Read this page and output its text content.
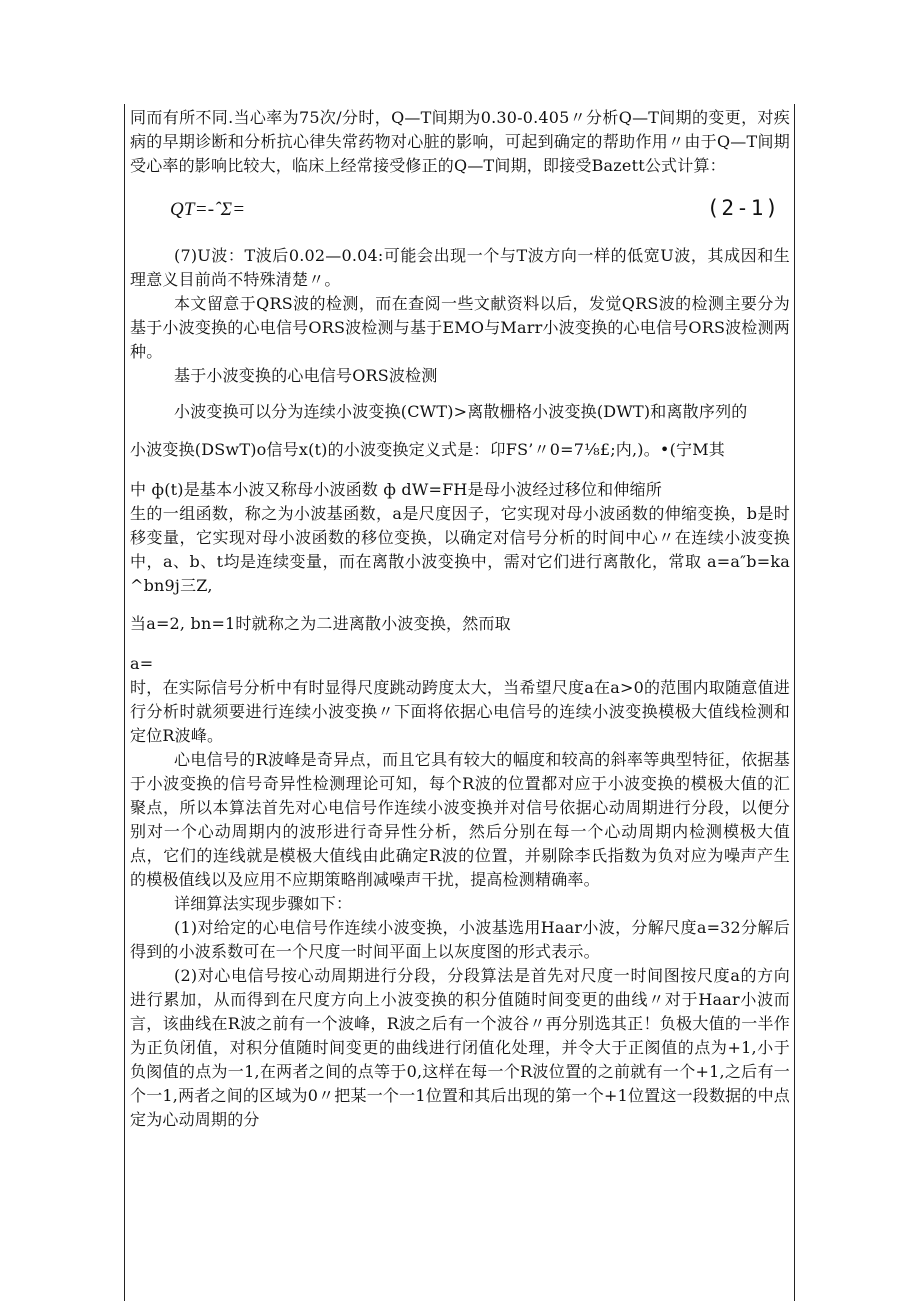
同而有所不同.当心率为75次/分时，Q—T间期为0.30-0.405〃分析Q—T间期的变更，对疾病的早期诊断和分析抗心律失常药物对心脏的影响，可起到确定的帮助作用〃由于Q—T间期受心率的影响比较大，临床上经常接受修正的Q—T间期，即接受Bazett公式计算：

QT=-ˆΣ=	(2-1)

(7)U波：T波后0.02—0.04:可能会出现一个与T波方向一样的低宽U波，其成因和生理意义目前尚不特殊清楚〃。

本文留意于QRS波的检测，而在查阅一些文献资料以后，发觉QRS波的检测主要分为基于小波变换的心电信号ORS波检测与基于EMO与Marr小波变换的心电信号ORS波检测两种。

基于小波变换的心电信号ORS波检测

小波变换可以分为连续小波变换(CWT)>离散栅格小波变换(DWT)和离散序列的

小波变换(DSwT)o信号x(t)的小波变换定义式是：卬FS’〃0=7⅛£;内,)。•(宁M其

中 ф(t)是基本小波又称母小波函数 ф dW=FH是母小波经过移位和伸缩所

生的一组函数，称之为小波基函数，a是尺度因子，它实现对母小波函数的伸缩变换，b是时移变量，它实现对母小波函数的移位变换，以确定对信号分析的时间中心〃在连续小波变换中，a、b、t均是连续变量，而在离散小波变换中，需对它们进行离散化，常取 a=a″b=ka^bn9j三Z,

当a=2, bn=1时就称之为二进离散小波变换，然而取

a=

时，在实际信号分析中有时显得尺度跳动跨度太大，当希望尺度a在a>0的范围内取随意值进行分析时就须要进行连续小波变换〃下面将依据心电信号的连续小波变换模极大值线检测和定位R波峰。

心电信号的R波峰是奇异点，而且它具有较大的幅度和较高的斜率等典型特征，依据基于小波变换的信号奇异性检测理论可知，每个R波的位置都对应于小波变换的模极大值的汇聚点，所以本算法首先对心电信号作连续小波变换并对信号依据心动周期进行分段，以便分别对一个心动周期内的波形进行奇异性分析，然后分别在每一个心动周期内检测模极大值点，它们的连线就是模极大值线由此确定R波的位置，并剔除李氏指数为负对应为噪声产生的模极值线以及应用不应期策略削减噪声干扰，提高检测精确率。

详细算法实现步骤如下：

(1)对给定的心电信号作连续小波变换，小波基选用Haar小波，分解尺度a=32分解后得到的小波系数可在一个尺度一时间平面上以灰度图的形式表示。

(2)对心电信号按心动周期进行分段，分段算法是首先对尺度一时间图按尺度a的方向进行累加，从而得到在尺度方向上小波变换的积分值随时间变更的曲线〃对于Haar小波而言，该曲线在R波之前有一个波峰，R波之后有一个波谷〃再分别选其正！负极大值的一半作为正负闭值，对积分值随时间变更的曲线进行闭值化处理，并令大于正阂值的点为+1,小于负阂值的点为一1,在两者之间的点等于0,这样在每一个R波位置的之前就有一个+1,之后有一个一1,两者之间的区域为0〃把某一个一1位置和其后出现的第一个+1位置这一段数据的中点定为心动周期的分
